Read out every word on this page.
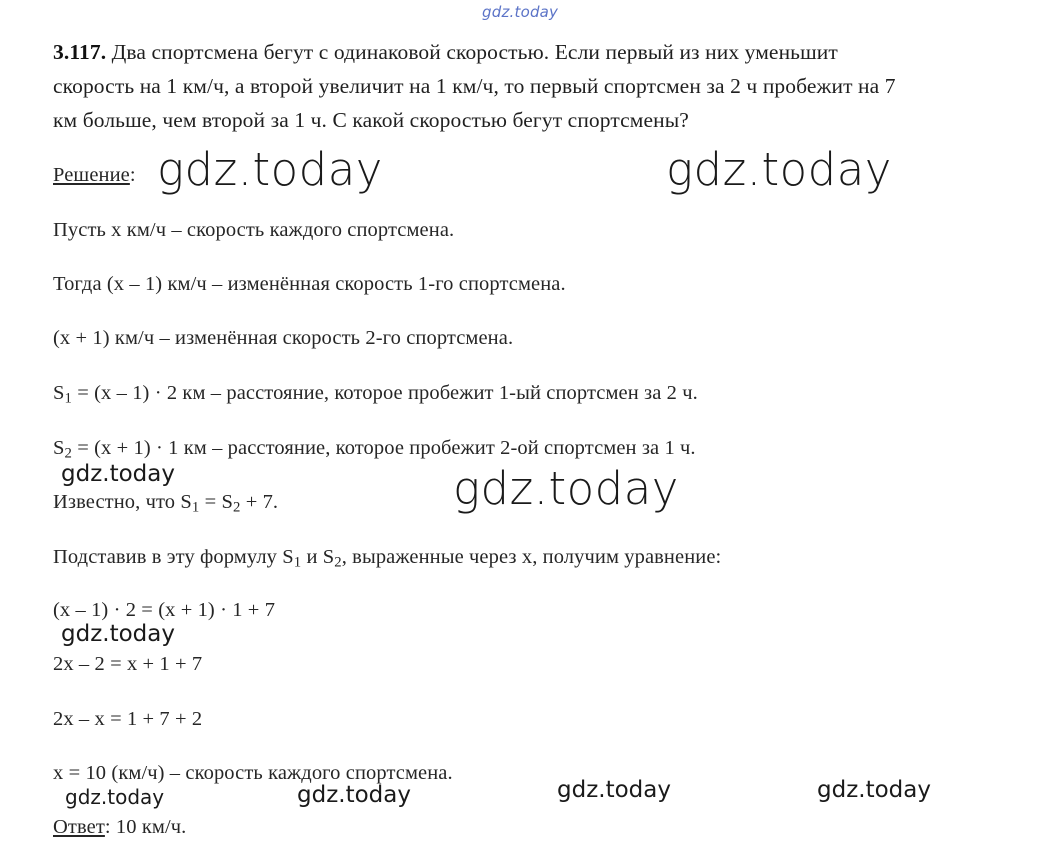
gdz.today
3.117. Два спортсмена бегут с одинаковой скоростью. Если первый из них уменьшит
скорость на 1 км/ч, а второй увеличит на 1 км/ч, то первый спортсмен за 2 ч пробежит на 7
км больше, чем второй за 1 ч. С какой скоростью бегут спортсмены?
Решение: gdz.today	gdz.today
Пусть х км/ч – скорость каждого спортсмена.
Тогда (х – 1) км/ч – изменённая скорость 1-го спортсмена.
(х + 1) км/ч – изменённая скорость 2-го спортсмена.
$S_1 = (х - 1) \cdot 2$ км – расстояние, которое пробежит 1-ый спортсмен за 2 ч.
$S_2 = (х + 1) \cdot 1$ км – расстояние, которое пробежит 2-ой спортсмен за 1 ч.
gdz.today	gdz.today
Известно, что $S_1 = S_2 + 7$.
Подставив в эту формулу $S_1$ и $S_2$, выраженные через х, получим уравнение:
(х – 1) · 2 = (х + 1) · 1 + 7
gdz.today
2х – 2 = х + 1 + 7
2х – х = 1 + 7 + 2
х = 10 (км/ч) – скорость каждого спортсмена.
gdz.today	gdz.today	gdz.today	gdz.today
Ответ: 10 км/ч.
